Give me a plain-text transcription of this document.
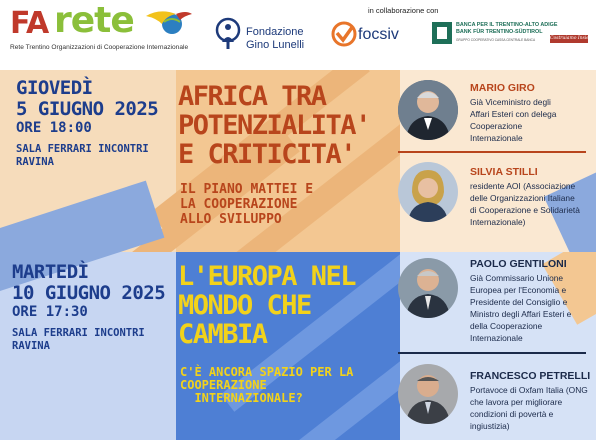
FA rete
Rete Trentino Organizzazioni di Cooperazione Internazionale
Fondazione
Gino Lunelli
in collaborazione con
focsiv
BANCA PER IL TRENTINO-ALTO ADIGE
BANK FÜR TRENTINO-SÜDTIROL
GRUPPO COOPERATIVO CASSA CENTRALE BANCA	Costruiamo Insieme
GIOVEDÌ
5 GIUGNO 2025
ORE 18:00
SALA FERRARI INCONTRI
RAVINA
AFRICA TRA
POTENZIALITA'
E CRITICITA'
IL PIANO MATTEI E
LA COOPERAZIONE
ALLO SVILUPPO
MARIO GIRO
Già Viceministro degli
Affari Esteri con delega
Cooperazione
Internazionale
SILVIA STILLI
residente AOI (Associazione
delle Organizzazioni Italiane
di Cooperazione e Solidarietà
Internazionale)
MARTEDÌ
10 GIUGNO 2025
ORE 17:30
SALA FERRARI INCONTRI
RAVINA
L'EUROPA NEL
MONDO CHE
CAMBIA
C'È ANCORA SPAZIO PER LA
COOPERAZIONE
INTERNAZIONALE?
PAOLO GENTILONI
Già Commissario Unione
Europea per l'Economia e
Presidente del Consiglio e
Ministro degli Affari Esteri e
della Cooperazione
Internazionale
FRANCESCO PETRELLI
Portavoce di Oxfam Italia (ONG
che lavora per migliorare
condizioni di povertà e
ingiustizia)
